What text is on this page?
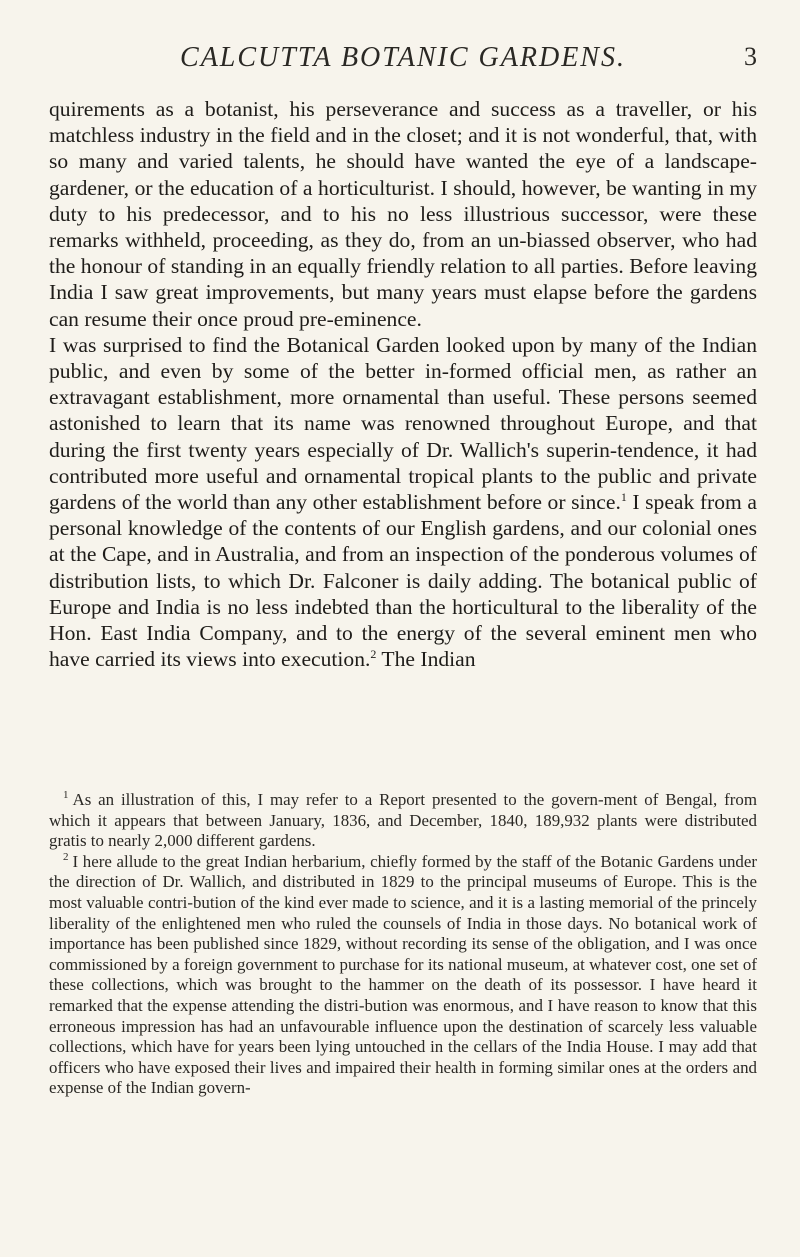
CALCUTTA BOTANIC GARDENS.	3

quirements as a botanist, his perseverance and success as a traveller, or his matchless industry in the field and in the closet; and it is not wonderful, that, with so many and varied talents, he should have wanted the eye of a landscape-gardener, or the education of a horticulturist. I should, however, be wanting in my duty to his predecessor, and to his no less illustrious successor, were these remarks withheld, proceeding, as they do, from an un-biassed observer, who had the honour of standing in an equally friendly relation to all parties. Before leaving India I saw great improvements, but many years must elapse before the gardens can resume their once proud pre-eminence.

I was surprised to find the Botanical Garden looked upon by many of the Indian public, and even by some of the better in-formed official men, as rather an extravagant establishment, more ornamental than useful. These persons seemed astonished to learn that its name was renowned throughout Europe, and that during the first twenty years especially of Dr. Wallich's superin-tendence, it had contributed more useful and ornamental tropical plants to the public and private gardens of the world than any other establishment before or since.$^1$ I speak from a personal knowledge of the contents of our English gardens, and our colonial ones at the Cape, and in Australia, and from an inspection of the ponderous volumes of distribution lists, to which Dr. Falconer is daily adding. The botanical public of Europe and India is no less indebted than the horticultural to the liberality of the Hon. East India Company, and to the energy of the several eminent men who have carried its views into execution.$^2$ The Indian

$^1$ As an illustration of this, I may refer to a Report presented to the govern-ment of Bengal, from which it appears that between January, 1836, and December, 1840, 189,932 plants were distributed gratis to nearly 2,000 different gardens.

$^2$ I here allude to the great Indian herbarium, chiefly formed by the staff of the Botanic Gardens under the direction of Dr. Wallich, and distributed in 1829 to the principal museums of Europe. This is the most valuable contri-bution of the kind ever made to science, and it is a lasting memorial of the princely liberality of the enlightened men who ruled the counsels of India in those days. No botanical work of importance has been published since 1829, without recording its sense of the obligation, and I was once commissioned by a foreign government to purchase for its national museum, at whatever cost, one set of these collections, which was brought to the hammer on the death of its possessor. I have heard it remarked that the expense attending the distri-bution was enormous, and I have reason to know that this erroneous impression has had an unfavourable influence upon the destination of scarcely less valuable collections, which have for years been lying untouched in the cellars of the India House. I may add that officers who have exposed their lives and impaired their health in forming similar ones at the orders and expense of the Indian govern-
